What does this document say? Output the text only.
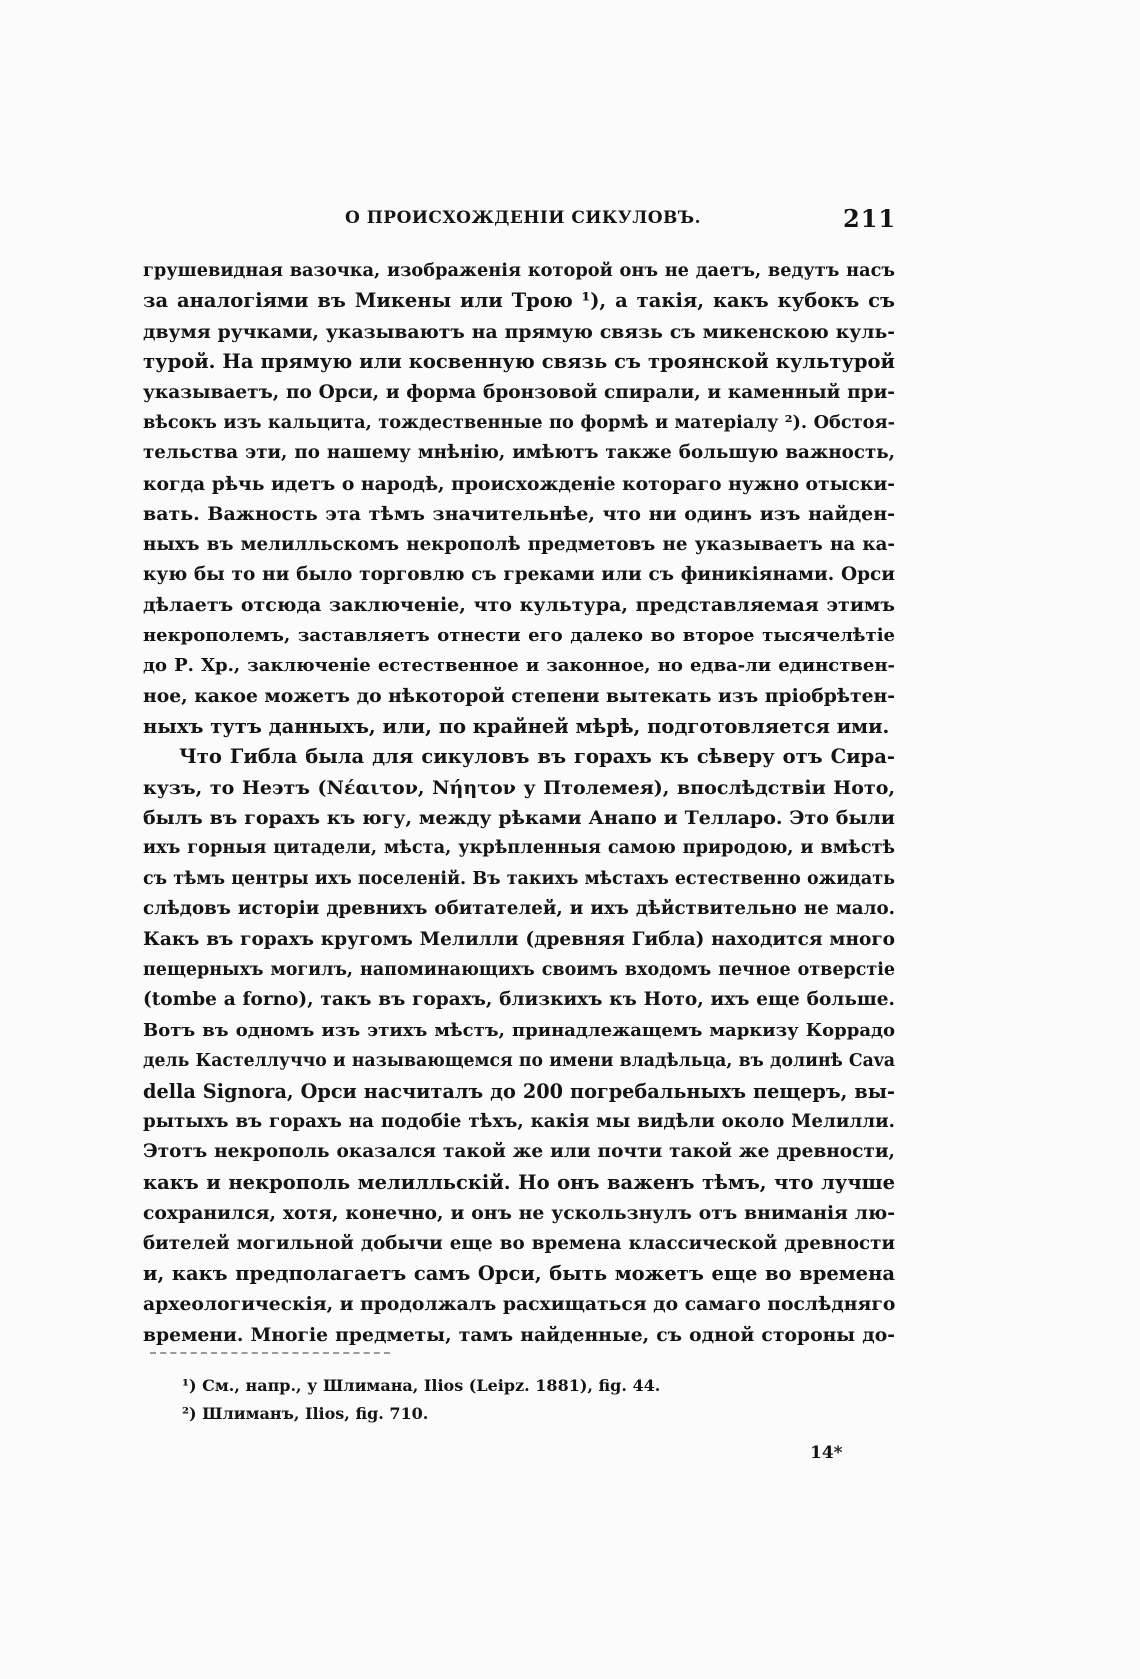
О ПРОИСХОЖДЕНІИ СИКУЛОВЪ.	211
грушевидная вазочка, изображенія которой онъ не даетъ, ведутъ насъ
за аналогіями въ Микены или Трою ¹), а такія, какъ кубокъ съ
двумя ручками, указываютъ на прямую связь съ микенскою куль-
турой. На прямую или косвенную связь съ троянской культурой
указываетъ, по Орси, и форма бронзовой спирали, и каменный при-
вѣсокъ изъ кальцита, тождественные по формѣ и матеріалу ²). Обстоя-
тельства эти, по нашему мнѣнію, имѣютъ также большую важность,
когда рѣчь идетъ о народѣ, происхожденіе котораго нужно отыски-
вать. Важность эта тѣмъ значительнѣе, что ни одинъ изъ найден-
ныхъ въ мелилльскомъ некрополѣ предметовъ не указываетъ на ка-
кую бы то ни было торговлю съ греками или съ финикіянами. Орси
дѣлаетъ отсюда заключеніе, что культура, представляемая этимъ
некрополемъ, заставляетъ отнести его далеко во второе тысячелѣтіе
до Р. Хр., заключеніе естественное и законное, но едва-ли единствен-
ное, какое можетъ до нѣкоторой степени вытекать изъ пріобрѣтен-
ныхъ тутъ данныхъ, или, по крайней мѣрѣ, подготовляется ими.
Что Гибла была для сикуловъ въ горахъ къ сѣверу отъ Сира-
кузъ, то Неэтъ (Νέαιτον, Νήητον у Птолемея), впослѣдствіи Ното,
былъ въ горахъ къ югу, между рѣками Анапо и Телларо. Это были
ихъ горныя цитадели, мѣста, укрѣпленныя самою природою, и вмѣстѣ
съ тѣмъ центры ихъ поселеній. Въ такихъ мѣстахъ естественно ожидать
слѣдовъ исторіи древнихъ обитателей, и ихъ дѣйствительно не мало.
Какъ въ горахъ кругомъ Мелилли (древняя Гибла) находится много
пещерныхъ могилъ, напоминающихъ своимъ входомъ печное отверстіе
(tombe a forno), такъ въ горахъ, близкихъ къ Ното, ихъ еще больше.
Вотъ въ одномъ изъ этихъ мѣстъ, принадлежащемъ маркизу Коррадо
дель Кастеллуччо и называющемся по имени владѣльца, въ долинѣ Cava
della Signora, Орси насчиталъ до 200 погребальныхъ пещеръ, вы-
рытыхъ въ горахъ на подобіе тѣхъ, какія мы видѣли около Мелилли.
Этотъ некрополь оказался такой же или почти такой же древности,
какъ и некрополь мелилльскій. Но онъ важенъ тѣмъ, что лучше
сохранился, хотя, конечно, и онъ не ускользнулъ отъ вниманія лю-
бителей могильной добычи еще во времена классической древности
и, какъ предполагаетъ самъ Орси, быть можетъ еще во времена
археологическія, и продолжалъ расхищаться до самаго послѣдняго
времени. Многіе предметы, тамъ найденные, съ одной стороны до-
¹) См., напр., у Шлимана, Ilios (Leipz. 1881), fig. 44.
²) Шлиманъ, Ilios, fig. 710.
14*
